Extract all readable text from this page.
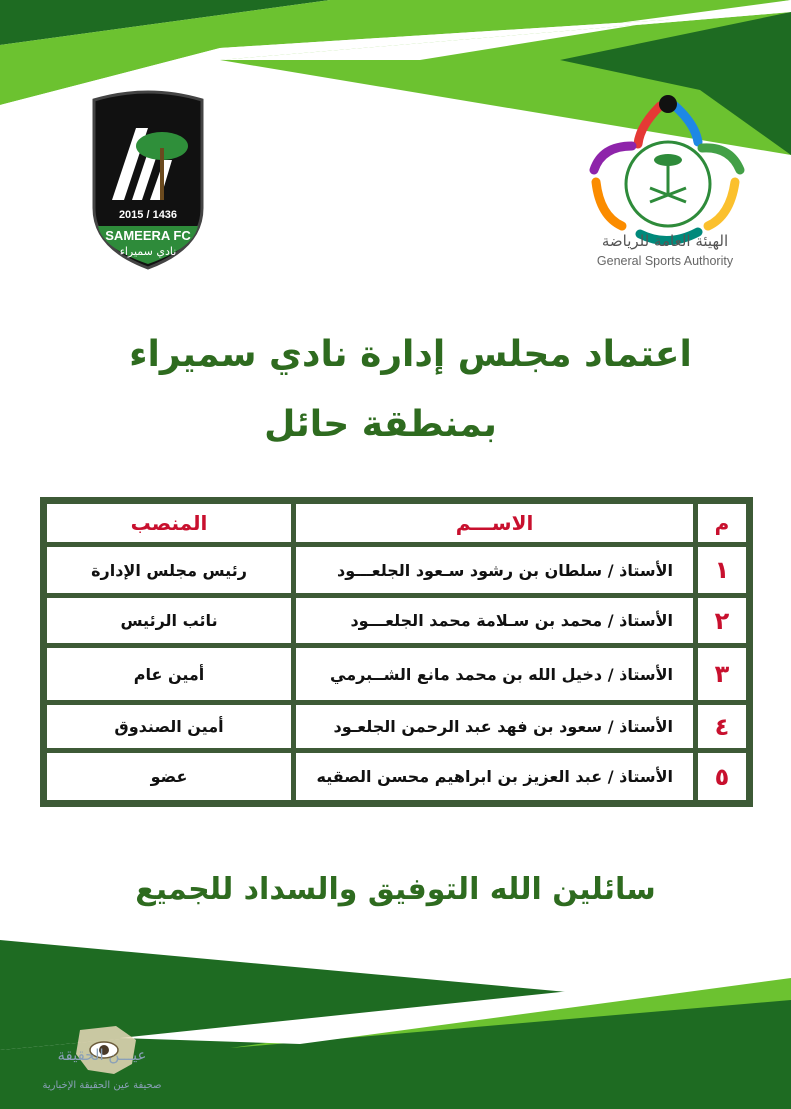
2015 / 1436
SAMEERA FC
نادي سميراء
الهيئة العامة للرياضة
General Sports Authority
اعتماد مجلس إدارة نادي سميراء
بمنطقة حائل
م
الاســـم
المنصب
١
الأستاذ / سلطان بن رشود سـعود الجلعـــود
رئيس مجلس الإدارة
٢
الأستاذ / محمد بن سـلامة محمد الجلعـــود
نائب الرئيس
٣
الأستاذ / دخيل الله بن محمد مانع الشــبرمي
أمين عام
٤
الأستاذ / سعود بن فهد عبد الرحمن الجلعـود
أمين الصندوق
٥
الأستاذ / عبد العزيز بن ابراهيم محسن الصقيه
عضو
سائلين الله التوفيق والسداد للجميع
عيـــن الحقيقة
صحيفة عين الحقيقة الإخبارية
